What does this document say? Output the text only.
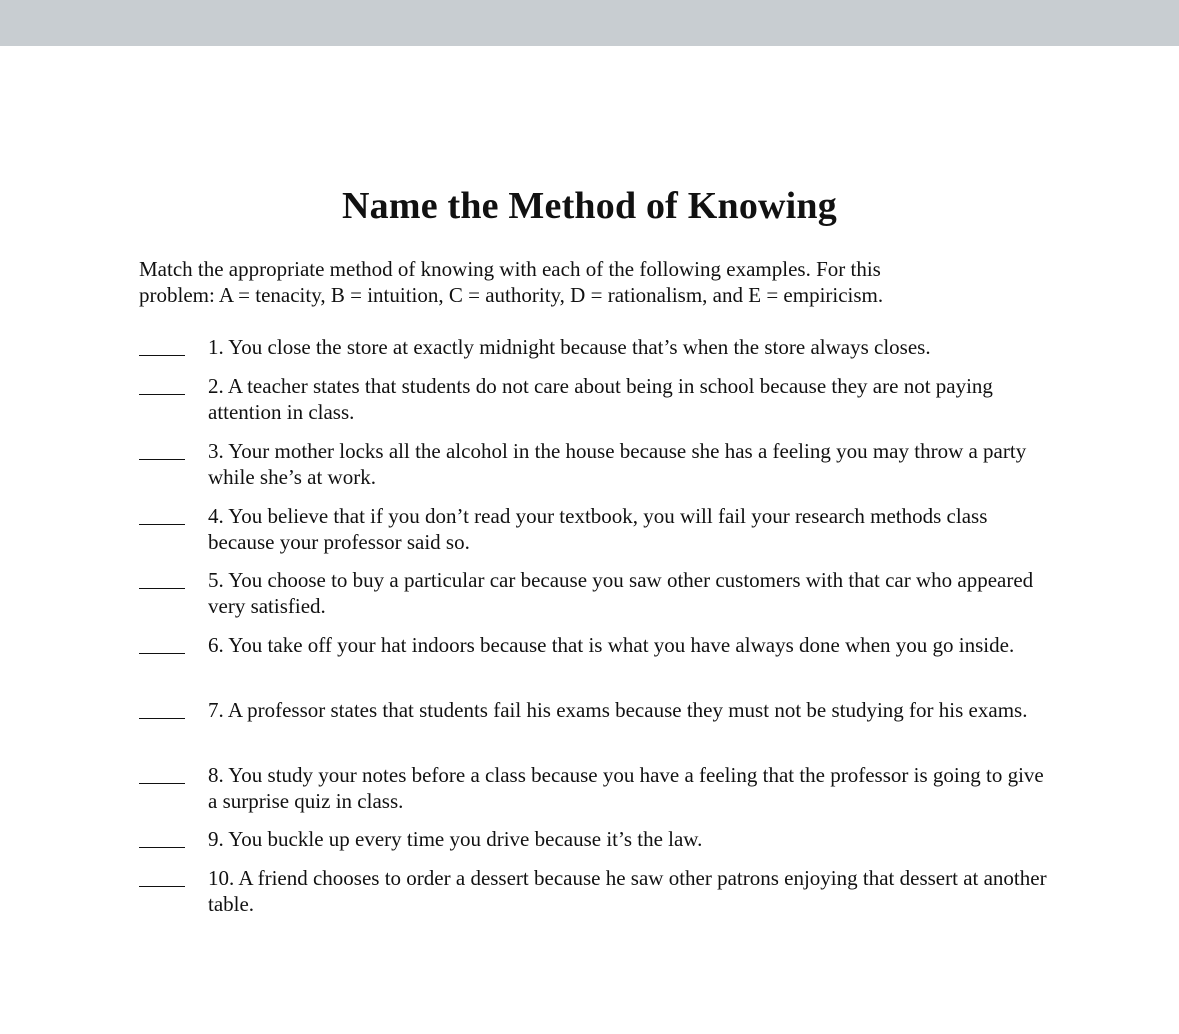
Name the Method of Knowing

Match the appropriate method of knowing with each of the following examples. For this
problem: A = tenacity, B = intuition, C = authority, D = rationalism, and E = empiricism.

1. You close the store at exactly midnight because that’s when the store always closes.

2. A teacher states that students do not care about being in school because they are not paying attention in class.

3. Your mother locks all the alcohol in the house because she has a feeling you may throw a party while she’s at work.

4. You believe that if you don’t read your textbook, you will fail your research methods class because your professor said so.

5. You choose to buy a particular car because you saw other customers with that car who appeared very satisfied.

6. You take off your hat indoors because that is what you have always done when you go inside.

7. A professor states that students fail his exams because they must not be studying for his exams.

8. You study your notes before a class because you have a feeling that the professor is going to give a surprise quiz in class.

9. You buckle up every time you drive because it’s the law.

10. A friend chooses to order a dessert because he saw other patrons enjoying that dessert at another table.
